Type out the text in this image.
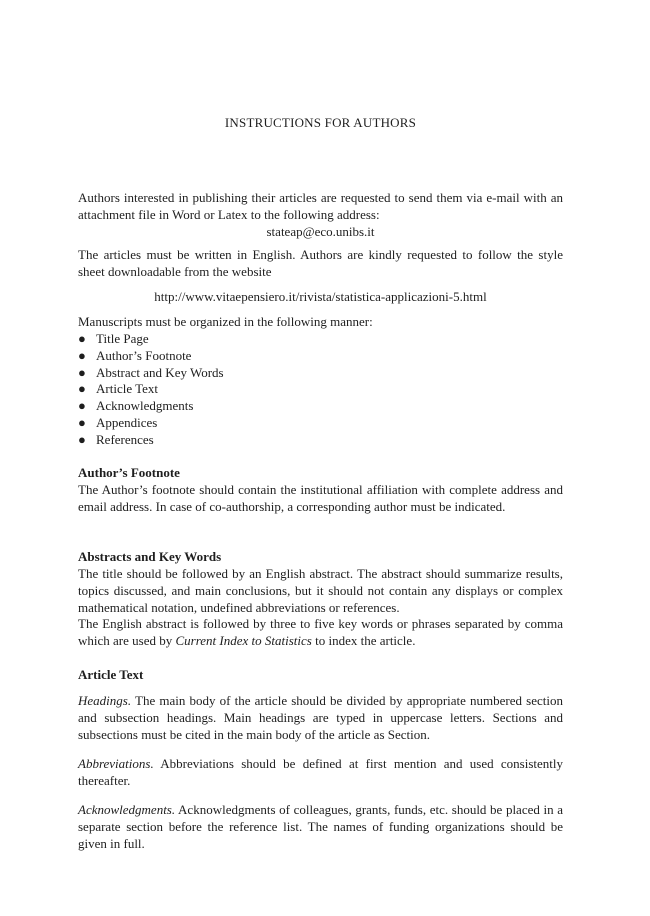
INSTRUCTIONS FOR AUTHORS

Authors interested in publishing their articles are requested to send them via e-mail with an attachment file in Word or Latex to the following address:

stateap@eco.unibs.it

The articles must be written in English. Authors are kindly requested to follow the style sheet downloadable from the website

http://www.vitaepensiero.it/rivista/statistica-applicazioni-5.html

Manuscripts must be organized in the following manner:

● Title Page
● Author’s Footnote
● Abstract and Key Words
● Article Text
● Acknowledgments
● Appendices
● References
Author’s Footnote

The Author’s footnote should contain the institutional affiliation with complete address and email address. In case of co-authorship, a corresponding author must be indicated.

Abstracts and Key Words

The title should be followed by an English abstract. The abstract should summarize results, topics discussed, and main conclusions, but it should not contain any displays or complex mathematical notation, undefined abbreviations or references.

The English abstract is followed by three to five key words or phrases separated by comma which are used by Current Index to Statistics to index the article.

Article Text

Headings. The main body of the article should be divided by appropriate numbered section and subsection headings. Main headings are typed in uppercase letters. Sections and subsections must be cited in the main body of the article as Section.

Abbreviations. Abbreviations should be defined at first mention and used consistently thereafter.

Acknowledgments. Acknowledgments of colleagues, grants, funds, etc. should be placed in a separate section before the reference list. The names of funding organizations should be given in full.
